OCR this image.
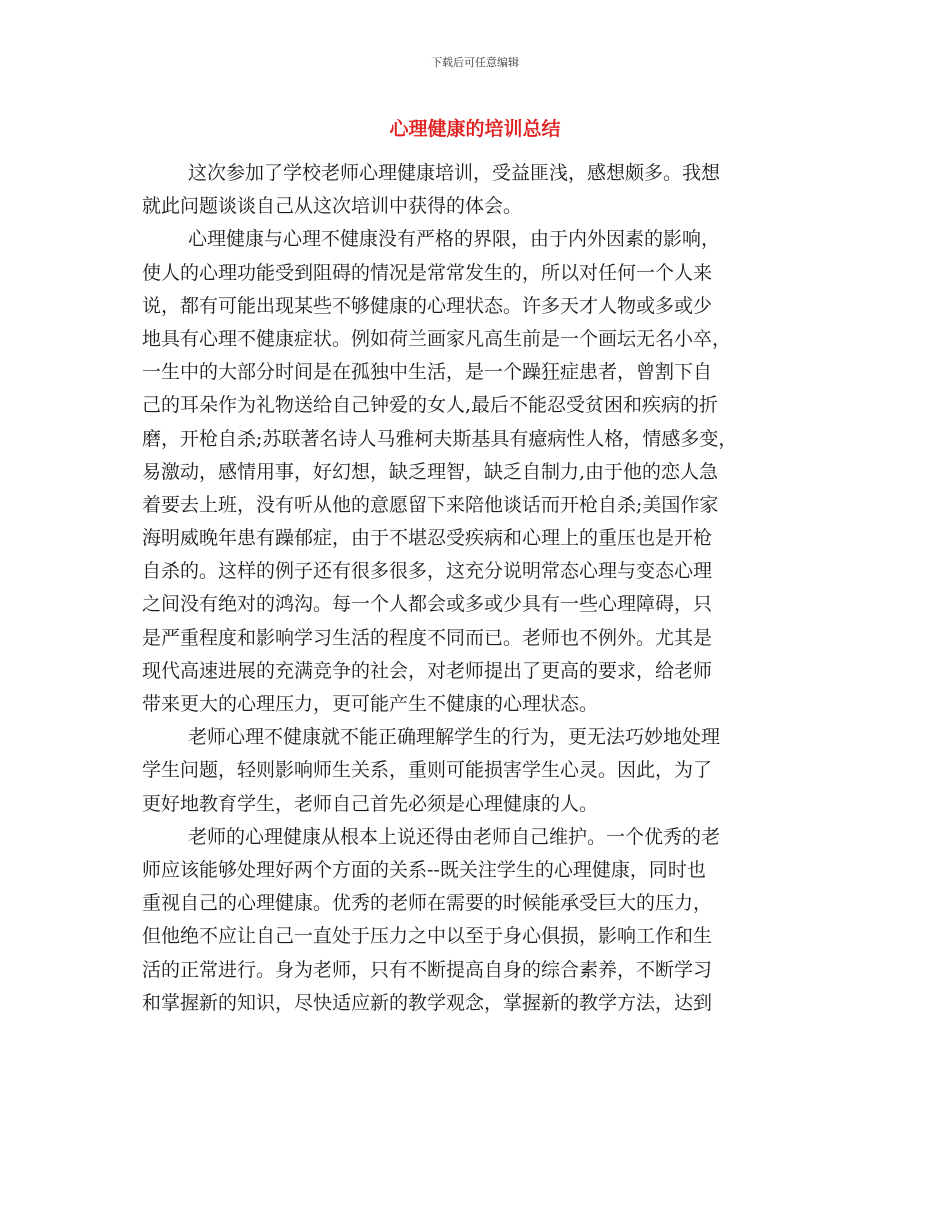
下载后可任意编辑
心理健康的培训总结
这次参加了学校老师心理健康培训，受益匪浅，感想颇多。我想
就此问题谈谈自己从这次培训中获得的体会。
心理健康与心理不健康没有严格的界限，由于内外因素的影响，
使人的心理功能受到阻碍的情况是常常发生的，所以对任何一个人来
说，都有可能出现某些不够健康的心理状态。许多天才人物或多或少
地具有心理不健康症状。例如荷兰画家凡高生前是一个画坛无名小卒，
一生中的大部分时间是在孤独中生活，是一个躁狂症患者，曾割下自
己的耳朵作为礼物送给自己钟爱的女人,最后不能忍受贫困和疾病的折
磨，开枪自杀;苏联著名诗人马雅柯夫斯基具有癔病性人格，情感多变，
易激动，感情用事，好幻想，缺乏理智，缺乏自制力,由于他的恋人急
着要去上班，没有听从他的意愿留下来陪他谈话而开枪自杀;美国作家
海明威晚年患有躁郁症，由于不堪忍受疾病和心理上的重压也是开枪
自杀的。这样的例子还有很多很多，这充分说明常态心理与变态心理
之间没有绝对的鸿沟。每一个人都会或多或少具有一些心理障碍，只
是严重程度和影响学习生活的程度不同而已。老师也不例外。尤其是
现代高速进展的充满竞争的社会，对老师提出了更高的要求，给老师
带来更大的心理压力，更可能产生不健康的心理状态。
老师心理不健康就不能正确理解学生的行为，更无法巧妙地处理
学生问题，轻则影响师生关系，重则可能损害学生心灵。因此，为了
更好地教育学生，老师自己首先必须是心理健康的人。
老师的心理健康从根本上说还得由老师自己维护。一个优秀的老
师应该能够处理好两个方面的关系--既关注学生的心理健康，同时也
重视自己的心理健康。优秀的老师在需要的时候能承受巨大的压力，
但他绝不应让自己一直处于压力之中以至于身心俱损，影响工作和生
活的正常进行。身为老师，只有不断提高自身的综合素养，不断学习
和掌握新的知识，尽快适应新的教学观念，掌握新的教学方法，达到
